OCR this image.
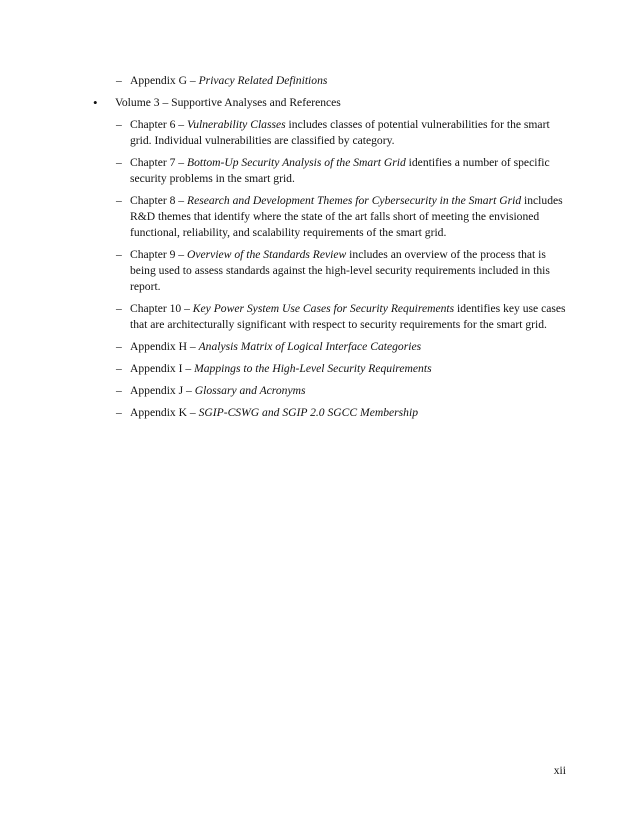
– Appendix G – Privacy Related Definitions
• Volume 3 – Supportive Analyses and References
– Chapter 6 – Vulnerability Classes includes classes of potential vulnerabilities for the smart grid. Individual vulnerabilities are classified by category.
– Chapter 7 – Bottom-Up Security Analysis of the Smart Grid identifies a number of specific security problems in the smart grid.
– Chapter 8 – Research and Development Themes for Cybersecurity in the Smart Grid includes R&D themes that identify where the state of the art falls short of meeting the envisioned functional, reliability, and scalability requirements of the smart grid.
– Chapter 9 – Overview of the Standards Review includes an overview of the process that is being used to assess standards against the high-level security requirements included in this report.
– Chapter 10 – Key Power System Use Cases for Security Requirements identifies key use cases that are architecturally significant with respect to security requirements for the smart grid.
– Appendix H – Analysis Matrix of Logical Interface Categories
– Appendix I – Mappings to the High-Level Security Requirements
– Appendix J – Glossary and Acronyms
– Appendix K – SGIP-CSWG and SGIP 2.0 SGCC Membership
xii
